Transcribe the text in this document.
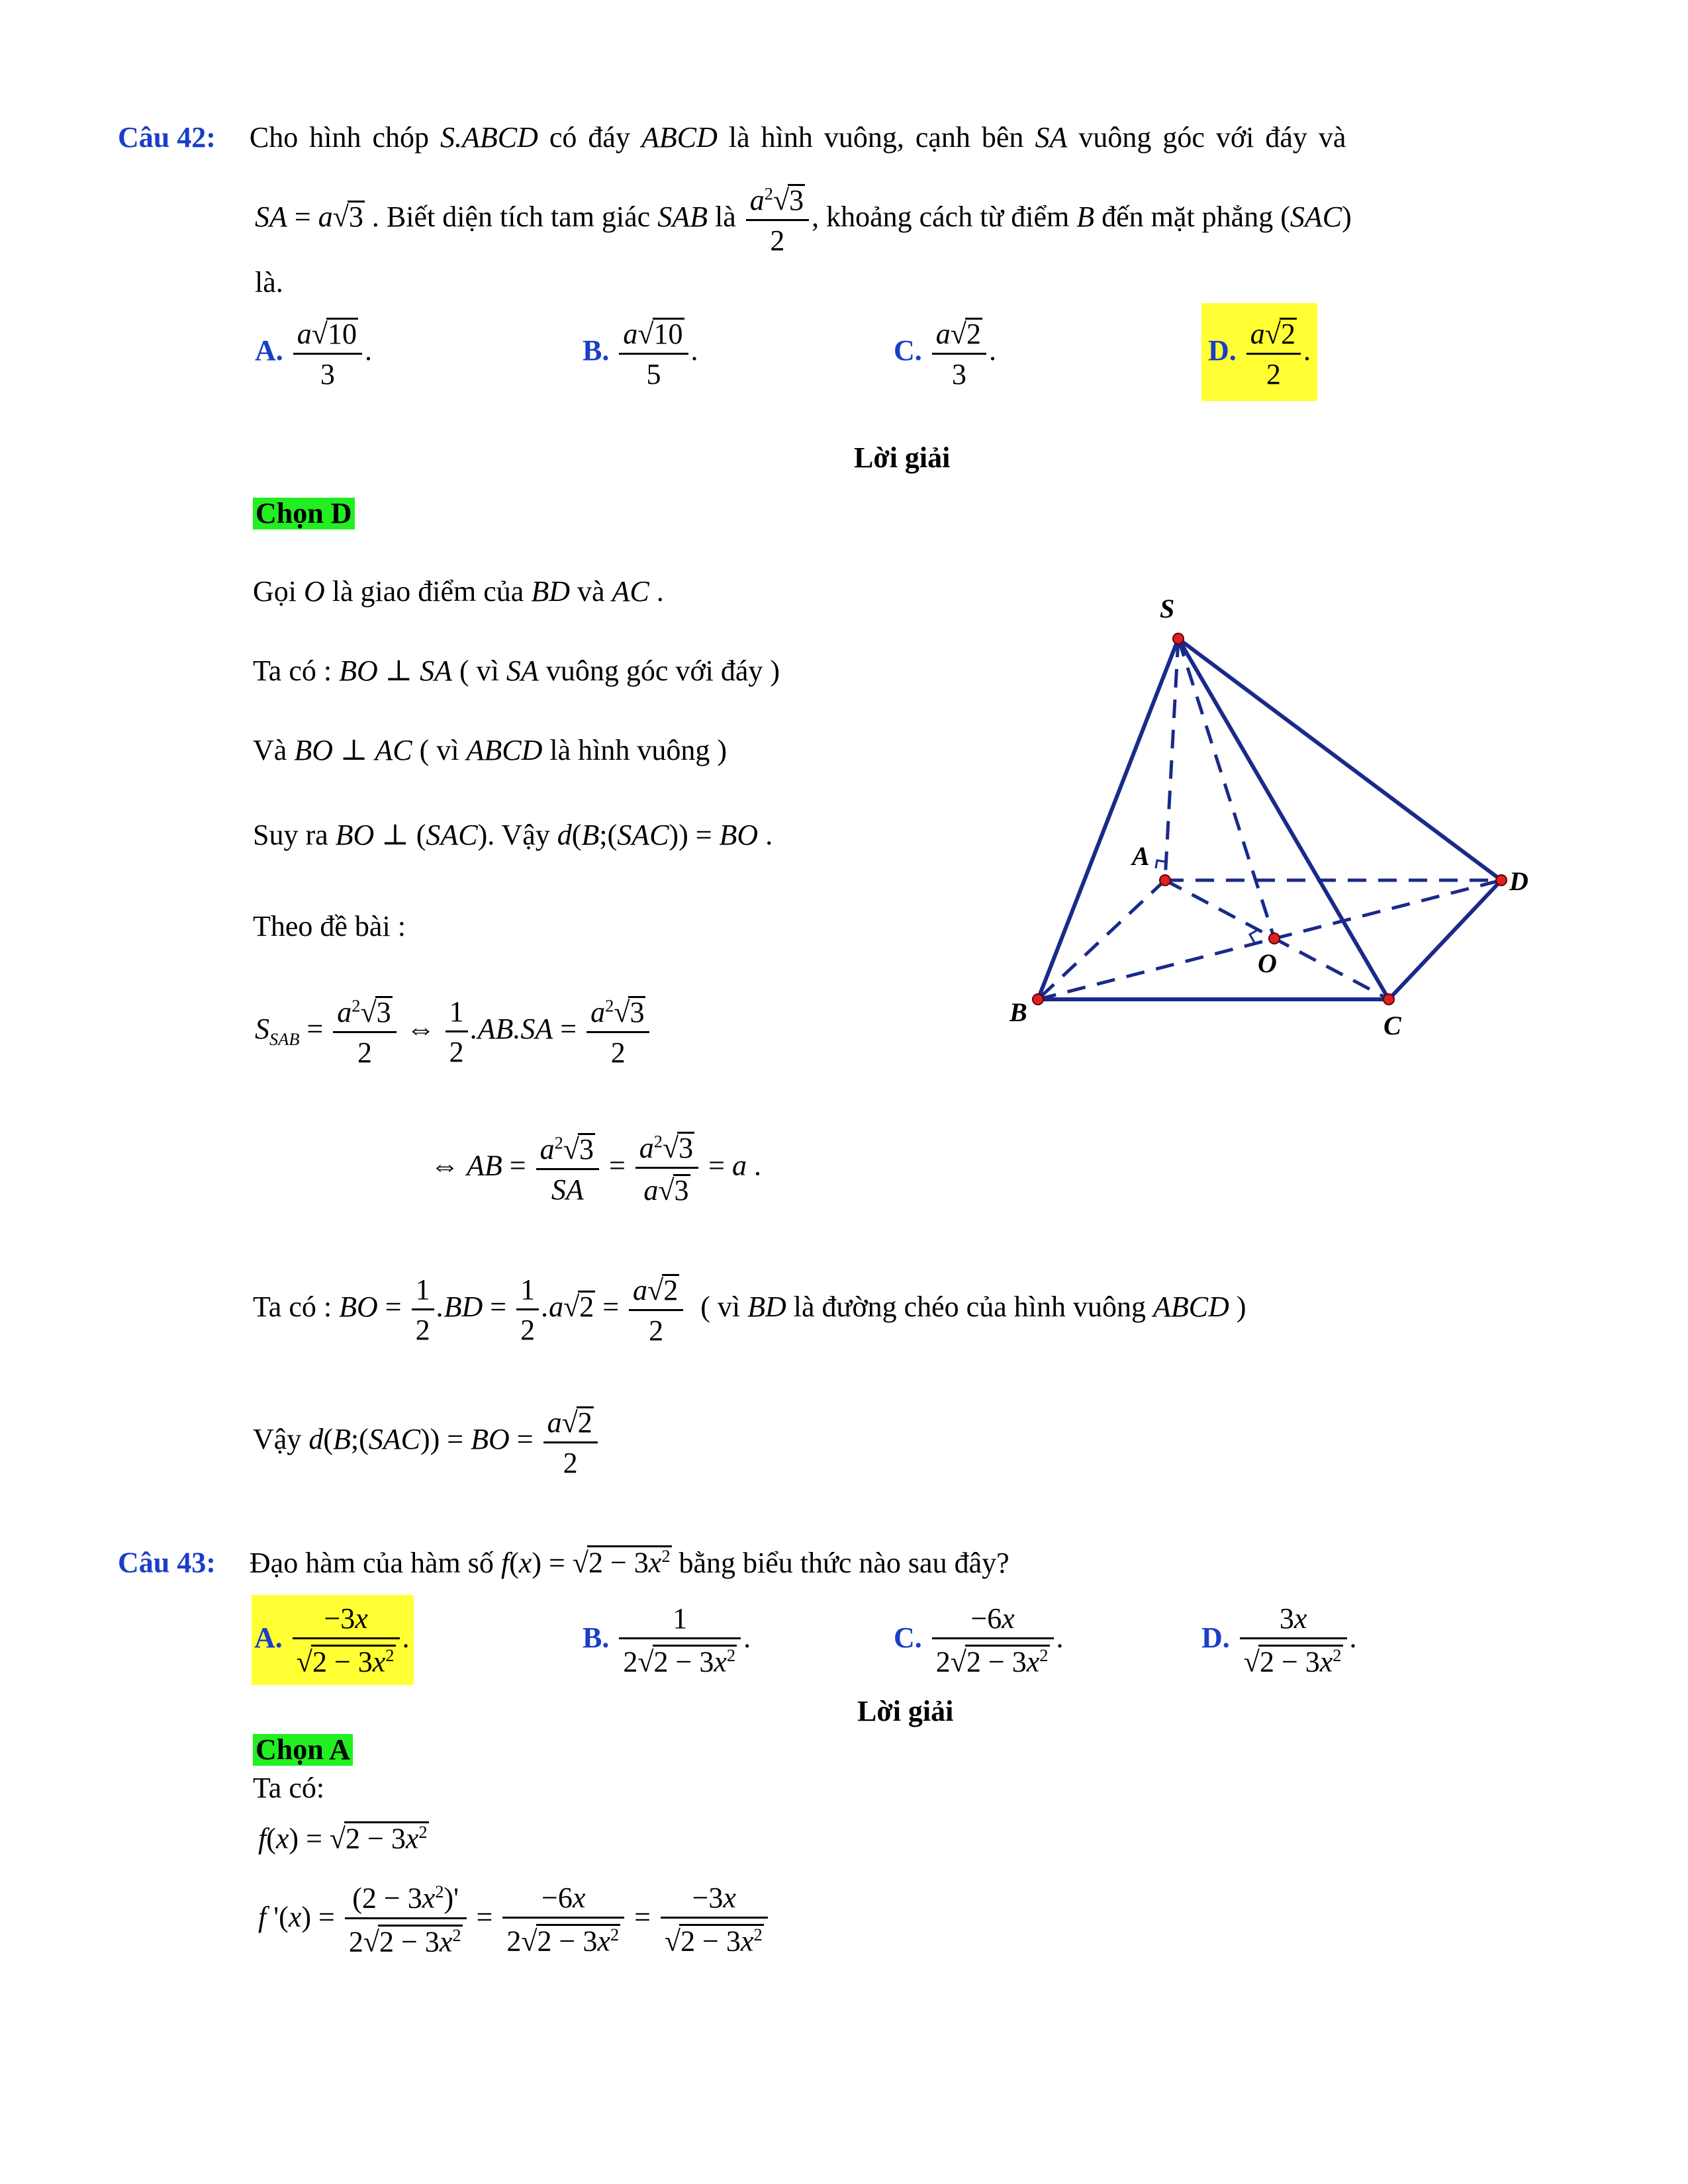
Câu 42: Cho hình chóp S.ABCD có đáy ABCD là hình vuông, cạnh bên SA vuông góc với đáy và
SA = a√3 . Biết diện tích tam giác SAB là $\frac{a^2√3}{2}$ , khoảng cách từ điểm B đến mặt phẳng (SAC)
là.
A. $\frac{a√10}{3}$ .	B. $\frac{a√10}{5}$ .	C. $\frac{a√2}{3}$ .	D. $\frac{a√2}{2}$ .
Lời giải
Chọn D
Gọi O là giao điểm của BD và AC .
Ta có : BO ⊥ SA ( vì SA vuông góc với đáy )
Và BO ⊥ AC ( vì ABCD là hình vuông )
Suy ra BO ⊥ (SAC). Vậy d(B;(SAC)) = BO .
Theo đề bài :
$S_{SAB} = \frac{a^2√3}{2}$ ⇔ $\frac{1}{2} .AB.SA = \frac{a^2√3}{2}$
⇔ AB = $\frac{a^2√3}{SA} = \frac{a^2√3}{a√3} = a$ .
Ta có : BO = $\frac{1}{2} .BD = \frac{1}{2} .a√2 = \frac{a√2}{2}$ ( vì BD là đường chéo của hình vuông ABCD )
Vậy d(B;(SAC)) = BO = $\frac{a√2}{2}$
S
A
B	C
D
O
Câu 43: Đạo hàm của hàm số $f(x) = √2 - 3x^2$ bằng biểu thức nào sau đây?
A. $\frac{-3x}{√2 - 3x^2}$ .	B. $\frac{1}{2√2 - 3x^2}$ .	C. $\frac{-6x}{2√2 - 3x^2}$ .	D. $\frac{3x}{√2 - 3x^2}$ .
Lời giải
Chọn A
Ta có:
$f(x) = √2 - 3x^2$
f '$(x) = \frac{(2 - 3x^2)'}{2√2 - 3x^2} = \frac{-6x}{2√2 - 3x^2} = \frac{-3x}{√2 - 3x^2}$
